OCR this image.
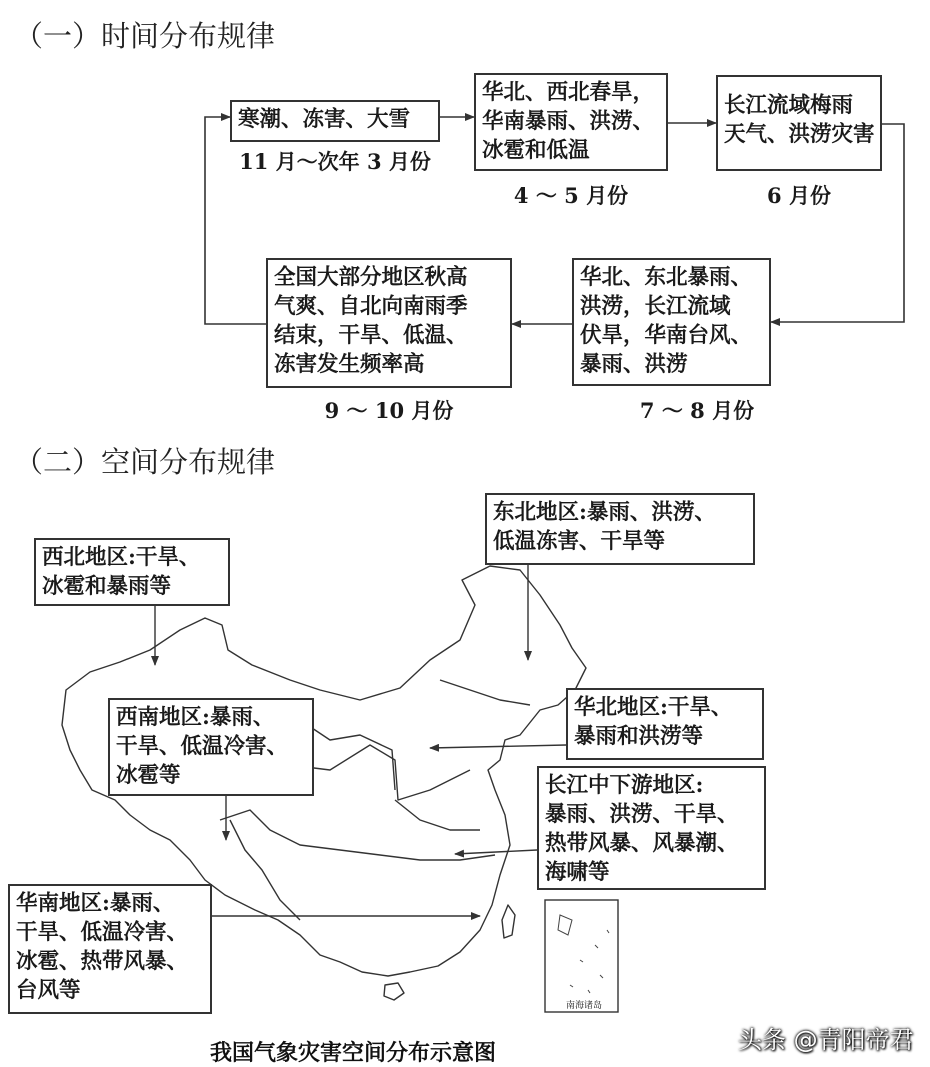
（一）时间分布规律
寒潮、冻害、大雪
11 月～次年 3 月份
华北、西北春旱，
华南暴雨、洪涝、
冰雹和低温
4 ～ 5 月份
长江流域梅雨
天气、洪涝灾害
6 月份
华北、东北暴雨、
洪涝，长江流域
伏旱，华南台风、
暴雨、洪涝
7 ～ 8 月份
全国大部分地区秋高
气爽、自北向南雨季
结束，干旱、低温、
冻害发生频率高
9 ～ 10 月份
（二）空间分布规律
南海诸岛
西北地区:干旱、
冰雹和暴雨等
东北地区:暴雨、洪涝、
低温冻害、干旱等
西南地区:暴雨、
干旱、低温冷害、
冰雹等
华北地区:干旱、
暴雨和洪涝等
长江中下游地区:
暴雨、洪涝、干旱、
热带风暴、风暴潮、
海啸等
华南地区:暴雨、
干旱、低温冷害、
冰雹、热带风暴、
台风等
我国气象灾害空间分布示意图	头条 @青阳帝君
